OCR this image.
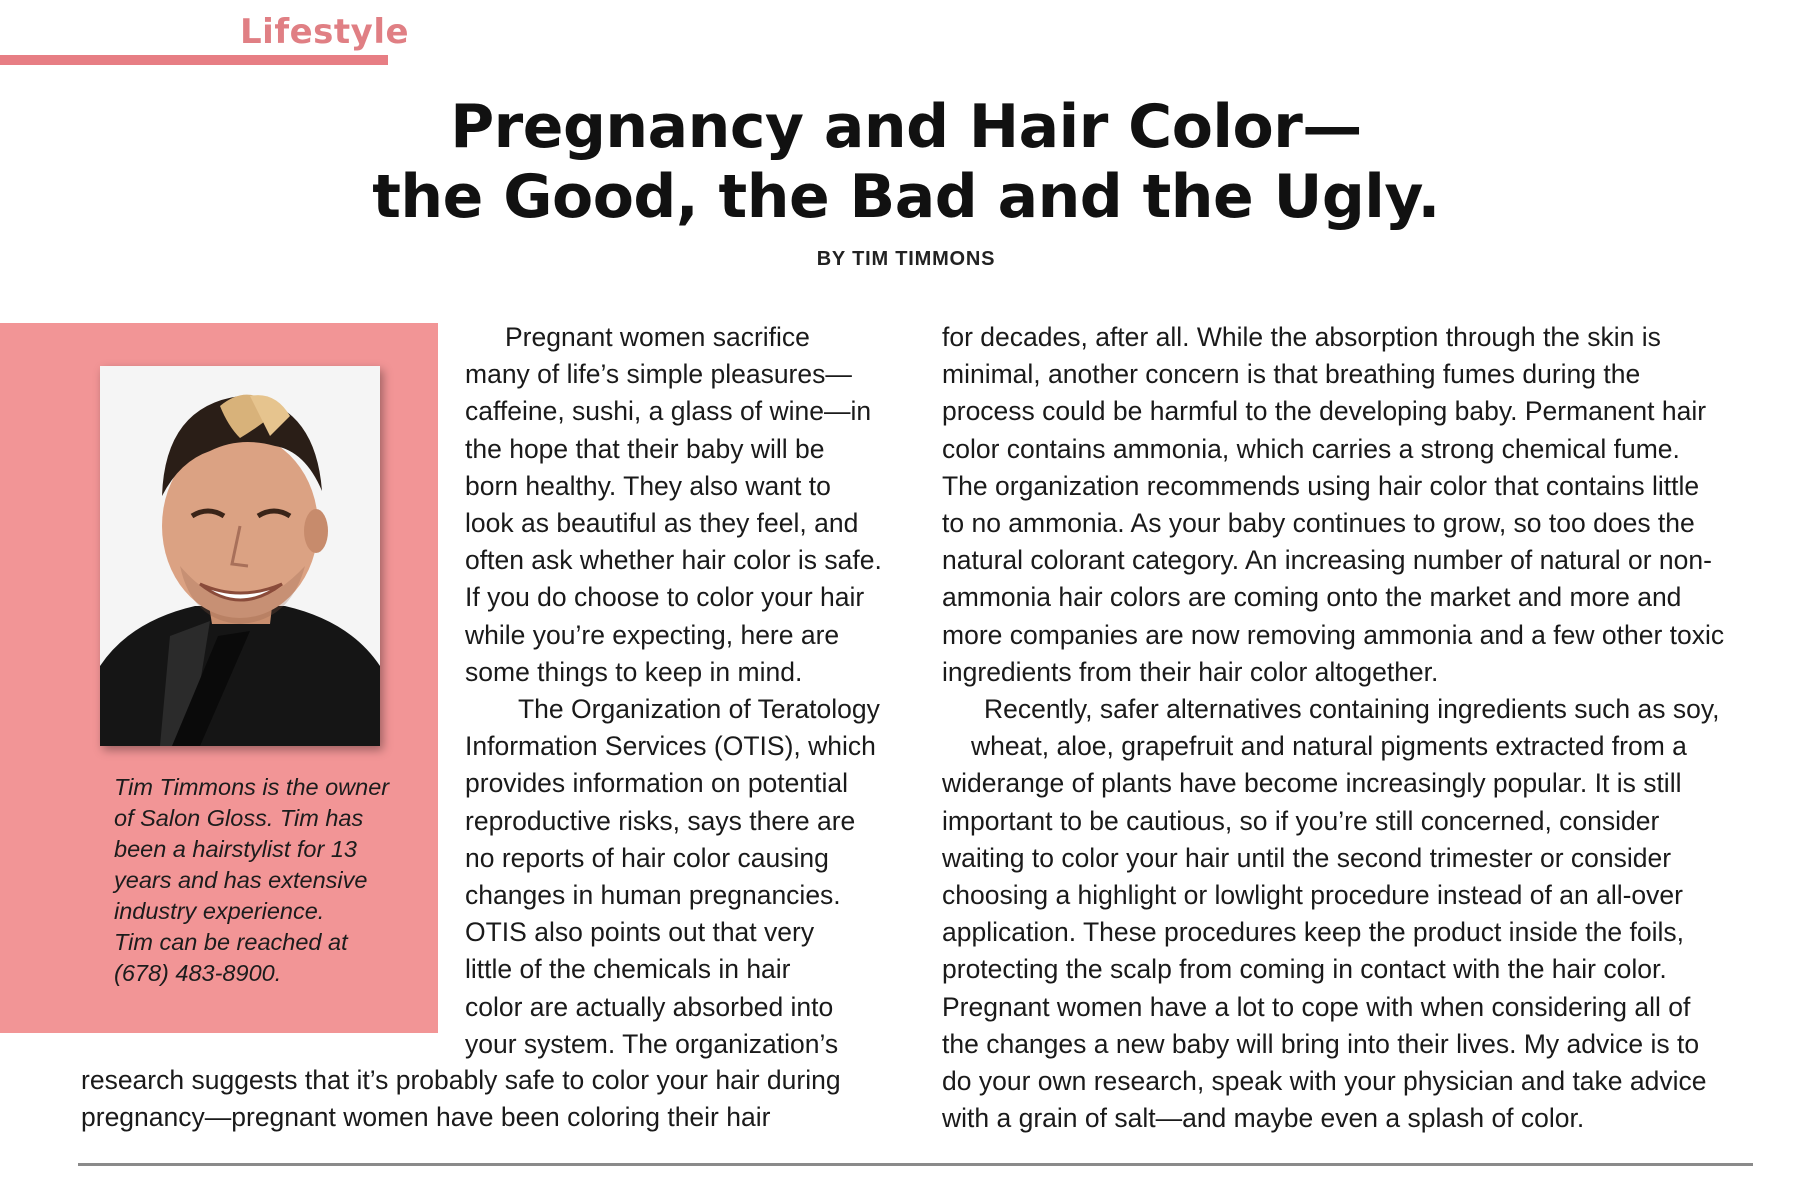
Lifestyle
Pregnancy and Hair Color—
the Good, the Bad and the Ugly.
BY TIM TIMMONS
Tim Timmons is the owner
of Salon Gloss. Tim has
been a hairstylist for 13
years and has extensive
industry experience.
Tim can be reached at
(678) 483-8900.
Pregnant women sacrifice
many of life’s simple pleasures—
caffeine, sushi, a glass of wine—in
the hope that their baby will be
born healthy. They also want to
look as beautiful as they feel, and
often ask whether hair color is safe.
If you do choose to color your hair
while you’re expecting, here are
some things to keep in mind.
The Organization of Teratology
Information Services (OTIS), which
provides information on potential
reproductive risks, says there are
no reports of hair color causing
changes in human pregnancies.
OTIS also points out that very
little of the chemicals in hair
color are actually absorbed into
your system. The organization’s
research suggests that it’s probably safe to color your hair during
pregnancy—pregnant women have been coloring their hair
for decades, after all. While the absorption through the skin is
minimal, another concern is that breathing fumes during the
process could be harmful to the developing baby. Permanent hair
color contains ammonia, which carries a strong chemical fume.
The organization recommends using hair color that contains little
to no ammonia. As your baby continues to grow, so too does the
natural colorant category. An increasing number of natural or non-
ammonia hair colors are coming onto the market and more and
more companies are now removing ammonia and a few other toxic
ingredients from their hair color altogether.
Recently, safer alternatives containing ingredients such as soy,
wheat, aloe, grapefruit and natural pigments extracted from a
widerange of plants have become increasingly popular. It is still
important to be cautious, so if you’re still concerned, consider
waiting to color your hair until the second trimester or consider
choosing a highlight or lowlight procedure instead of an all-over
application. These procedures keep the product inside the foils,
protecting the scalp from coming in contact with the hair color.
Pregnant women have a lot to cope with when considering all of
the changes a new baby will bring into their lives. My advice is to
do your own research, speak with your physician and take advice
with a grain of salt—and maybe even a splash of color.
